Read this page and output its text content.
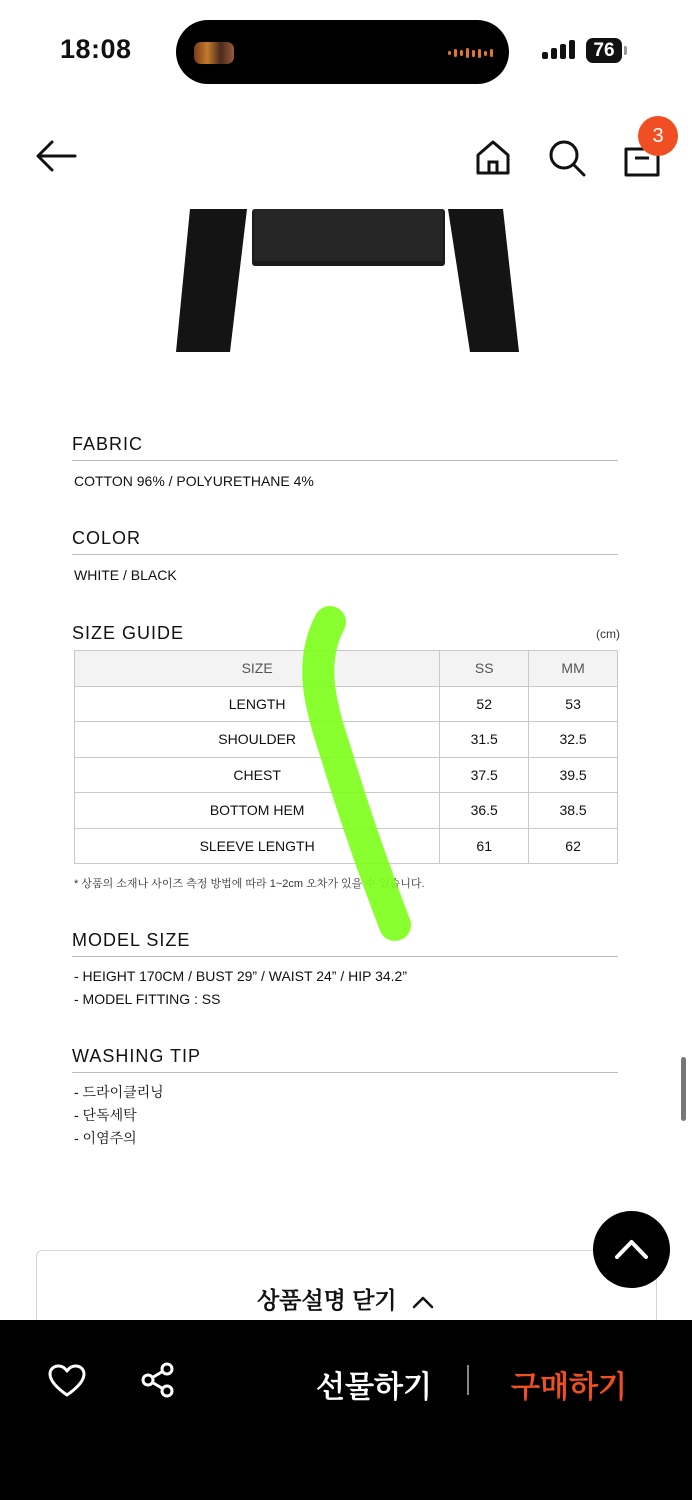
18:08	76
3
FABRIC
COTTON 96% / POLYURETHANE 4%
COLOR
WHITE / BLACK
SIZE GUIDE	(cm)
SIZE	SS	MM
LENGTH	52	53
SHOULDER	31.5	32.5
CHEST	37.5	39.5
BOTTOM HEM	36.5	38.5
SLEEVE LENGTH	61	62
* 상품의 소재나 사이즈 측정 방법에 따라 1~2cm 오차가 있을 수 있습니다.
MODEL SIZE
- HEIGHT 170CM / BUST 29” / WAIST 24” / HIP 34.2”
- MODEL FITTING : SS
WASHING TIP
- 드라이클리닝
- 단독세탁
- 이염주의
상품설명 닫기
선물하기	구매하기
